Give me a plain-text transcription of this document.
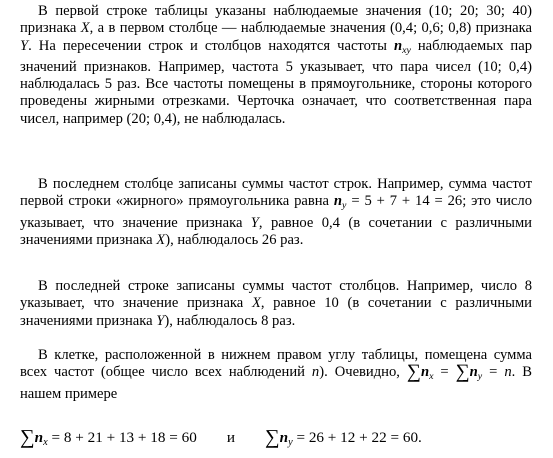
В первой строке таблицы указаны наблюдаемые значения (10; 20; 30; 40) признака X, а в первом столбце — наблюдаемые значения (0,4; 0,6; 0,8) признака Y. На пересечении строк и столбцов находятся частоты $n_{xy}$ наблюдаемых пар значений признаков. Например, частота 5 указывает, что пара чисел (10; 0,4) наблюдалась 5 раз. Все частоты помещены в прямоугольнике, стороны которого проведены жирными отрезками. Черточка означает, что соответственная пара чисел, например (20; 0,4), не наблюдалась.

В последнем столбце записаны суммы частот строк. Например, сумма частот первой строки «жирного» прямоугольника равна $n_y = 5 + 7 + 14 = 26$; это число указывает, что значение признака Y, равное 0,4 (в сочетании с различными значениями признака X), наблюдалось 26 раз.

В последней строке записаны суммы частот столбцов. Например, число 8 указывает, что значение признака X, равное 10 (в сочетании с различными значениями признака Y), наблюдалось 8 раз.

В клетке, расположенной в нижнем правом углу таблицы, помещена сумма всех частот (общее число всех наблюдений n). Очевидно, $\sum n_x = \sum n_y = n$. В нашем примере

$\sum n_x = 8 + 21 + 13 + 18 = 60$ и $\sum n_y = 26 + 12 + 22 = 60$.
